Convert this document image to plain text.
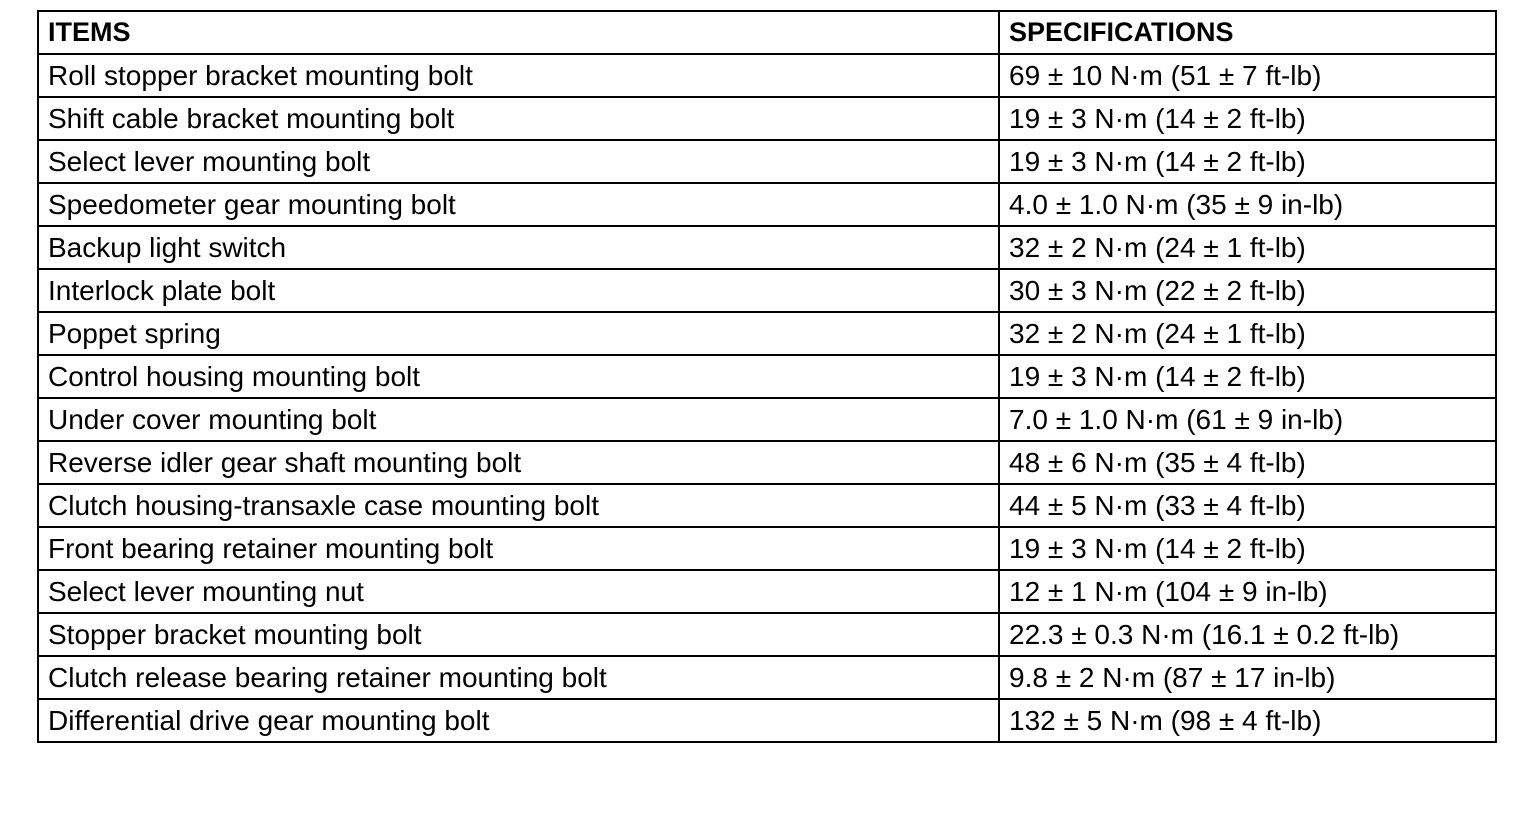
ITEMS	SPECIFICATIONS
Roll stopper bracket mounting bolt	69 ± 10 N·m (51 ± 7 ft-lb)
Shift cable bracket mounting bolt	19 ± 3 N·m (14 ± 2 ft-lb)
Select lever mounting bolt	19 ± 3 N·m (14 ± 2 ft-lb)
Speedometer gear mounting bolt	4.0 ± 1.0 N·m (35 ± 9 in-lb)
Backup light switch	32 ± 2 N·m (24 ± 1 ft-lb)
Interlock plate bolt	30 ± 3 N·m (22 ± 2 ft-lb)
Poppet spring	32 ± 2 N·m (24 ± 1 ft-lb)
Control housing mounting bolt	19 ± 3 N·m (14 ± 2 ft-lb)
Under cover mounting bolt	7.0 ± 1.0 N·m (61 ± 9 in-lb)
Reverse idler gear shaft mounting bolt	48 ± 6 N·m (35 ± 4 ft-lb)
Clutch housing-transaxle case mounting bolt	44 ± 5 N·m (33 ± 4 ft-lb)
Front bearing retainer mounting bolt	19 ± 3 N·m (14 ± 2 ft-lb)
Select lever mounting nut	12 ± 1 N·m (104 ± 9 in-lb)
Stopper bracket mounting bolt	22.3 ± 0.3 N·m (16.1 ± 0.2 ft-lb)
Clutch release bearing retainer mounting bolt	9.8 ± 2 N·m (87 ± 17 in-lb)
Differential drive gear mounting bolt	132 ± 5 N·m (98 ± 4 ft-lb)
